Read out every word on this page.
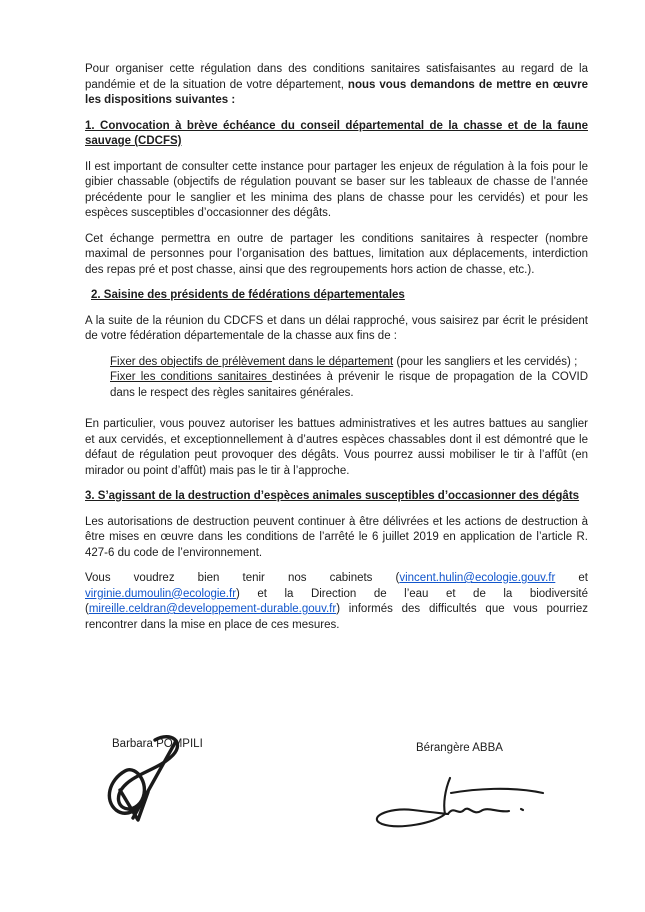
Pour organiser cette régulation dans des conditions sanitaires satisfaisantes au regard de la pandémie et de la situation de votre département, nous vous demandons de mettre en œuvre les dispositions suivantes :

1. Convocation à brève échéance du conseil départemental de la chasse et de la faune sauvage (CDCFS)

Il est important de consulter cette instance pour partager les enjeux de régulation à la fois pour le gibier chassable (objectifs de régulation pouvant se baser sur les tableaux de chasse de l’année précédente pour le sanglier et les minima des plans de chasse pour les cervidés) et pour les espèces susceptibles d’occasionner des dégâts.

Cet échange permettra en outre de partager les conditions sanitaires à respecter (nombre maximal de personnes pour l’organisation des battues, limitation aux déplacements, interdiction des repas pré et post chasse, ainsi que des regroupements hors action de chasse, etc.).

2. Saisine des présidents de fédérations départementales

A la suite de la réunion du CDCFS et dans un délai rapproché, vous saisirez par écrit le président de votre fédération départementale de la chasse aux fins de :

Fixer des objectifs de prélèvement dans le département (pour les sangliers et les cervidés) ;

Fixer les conditions sanitaires destinées à prévenir le risque de propagation de la COVID dans le respect des règles sanitaires générales.

En particulier, vous pouvez autoriser les battues administratives et les autres battues au sanglier et aux cervidés, et exceptionnellement à d’autres espèces chassables dont il est démontré que le défaut de régulation peut provoquer des dégâts. Vous pourrez aussi mobiliser le tir à l’affût (en mirador ou point d’affût) mais pas le tir à l’approche.

3. S’agissant de la destruction d’espèces animales susceptibles d’occasionner des dégâts

Les autorisations de destruction peuvent continuer à être délivrées et les actions de destruction à être mises en œuvre dans les conditions de l’arrêté le 6 juillet 2019 en application de l’article R. 427-6 du code de l’environnement.

Vous voudrez bien tenir nos cabinets (vincent.hulin@ecologie.gouv.fr et virginie.dumoulin@ecologie.fr) et la Direction de l’eau et de la biodiversité (mireille.celdran@developpement-durable.gouv.fr) informés des difficultés que vous pourriez rencontrer dans la mise en place de ces mesures.

Barbara POMPILI	Bérangère ABBA
